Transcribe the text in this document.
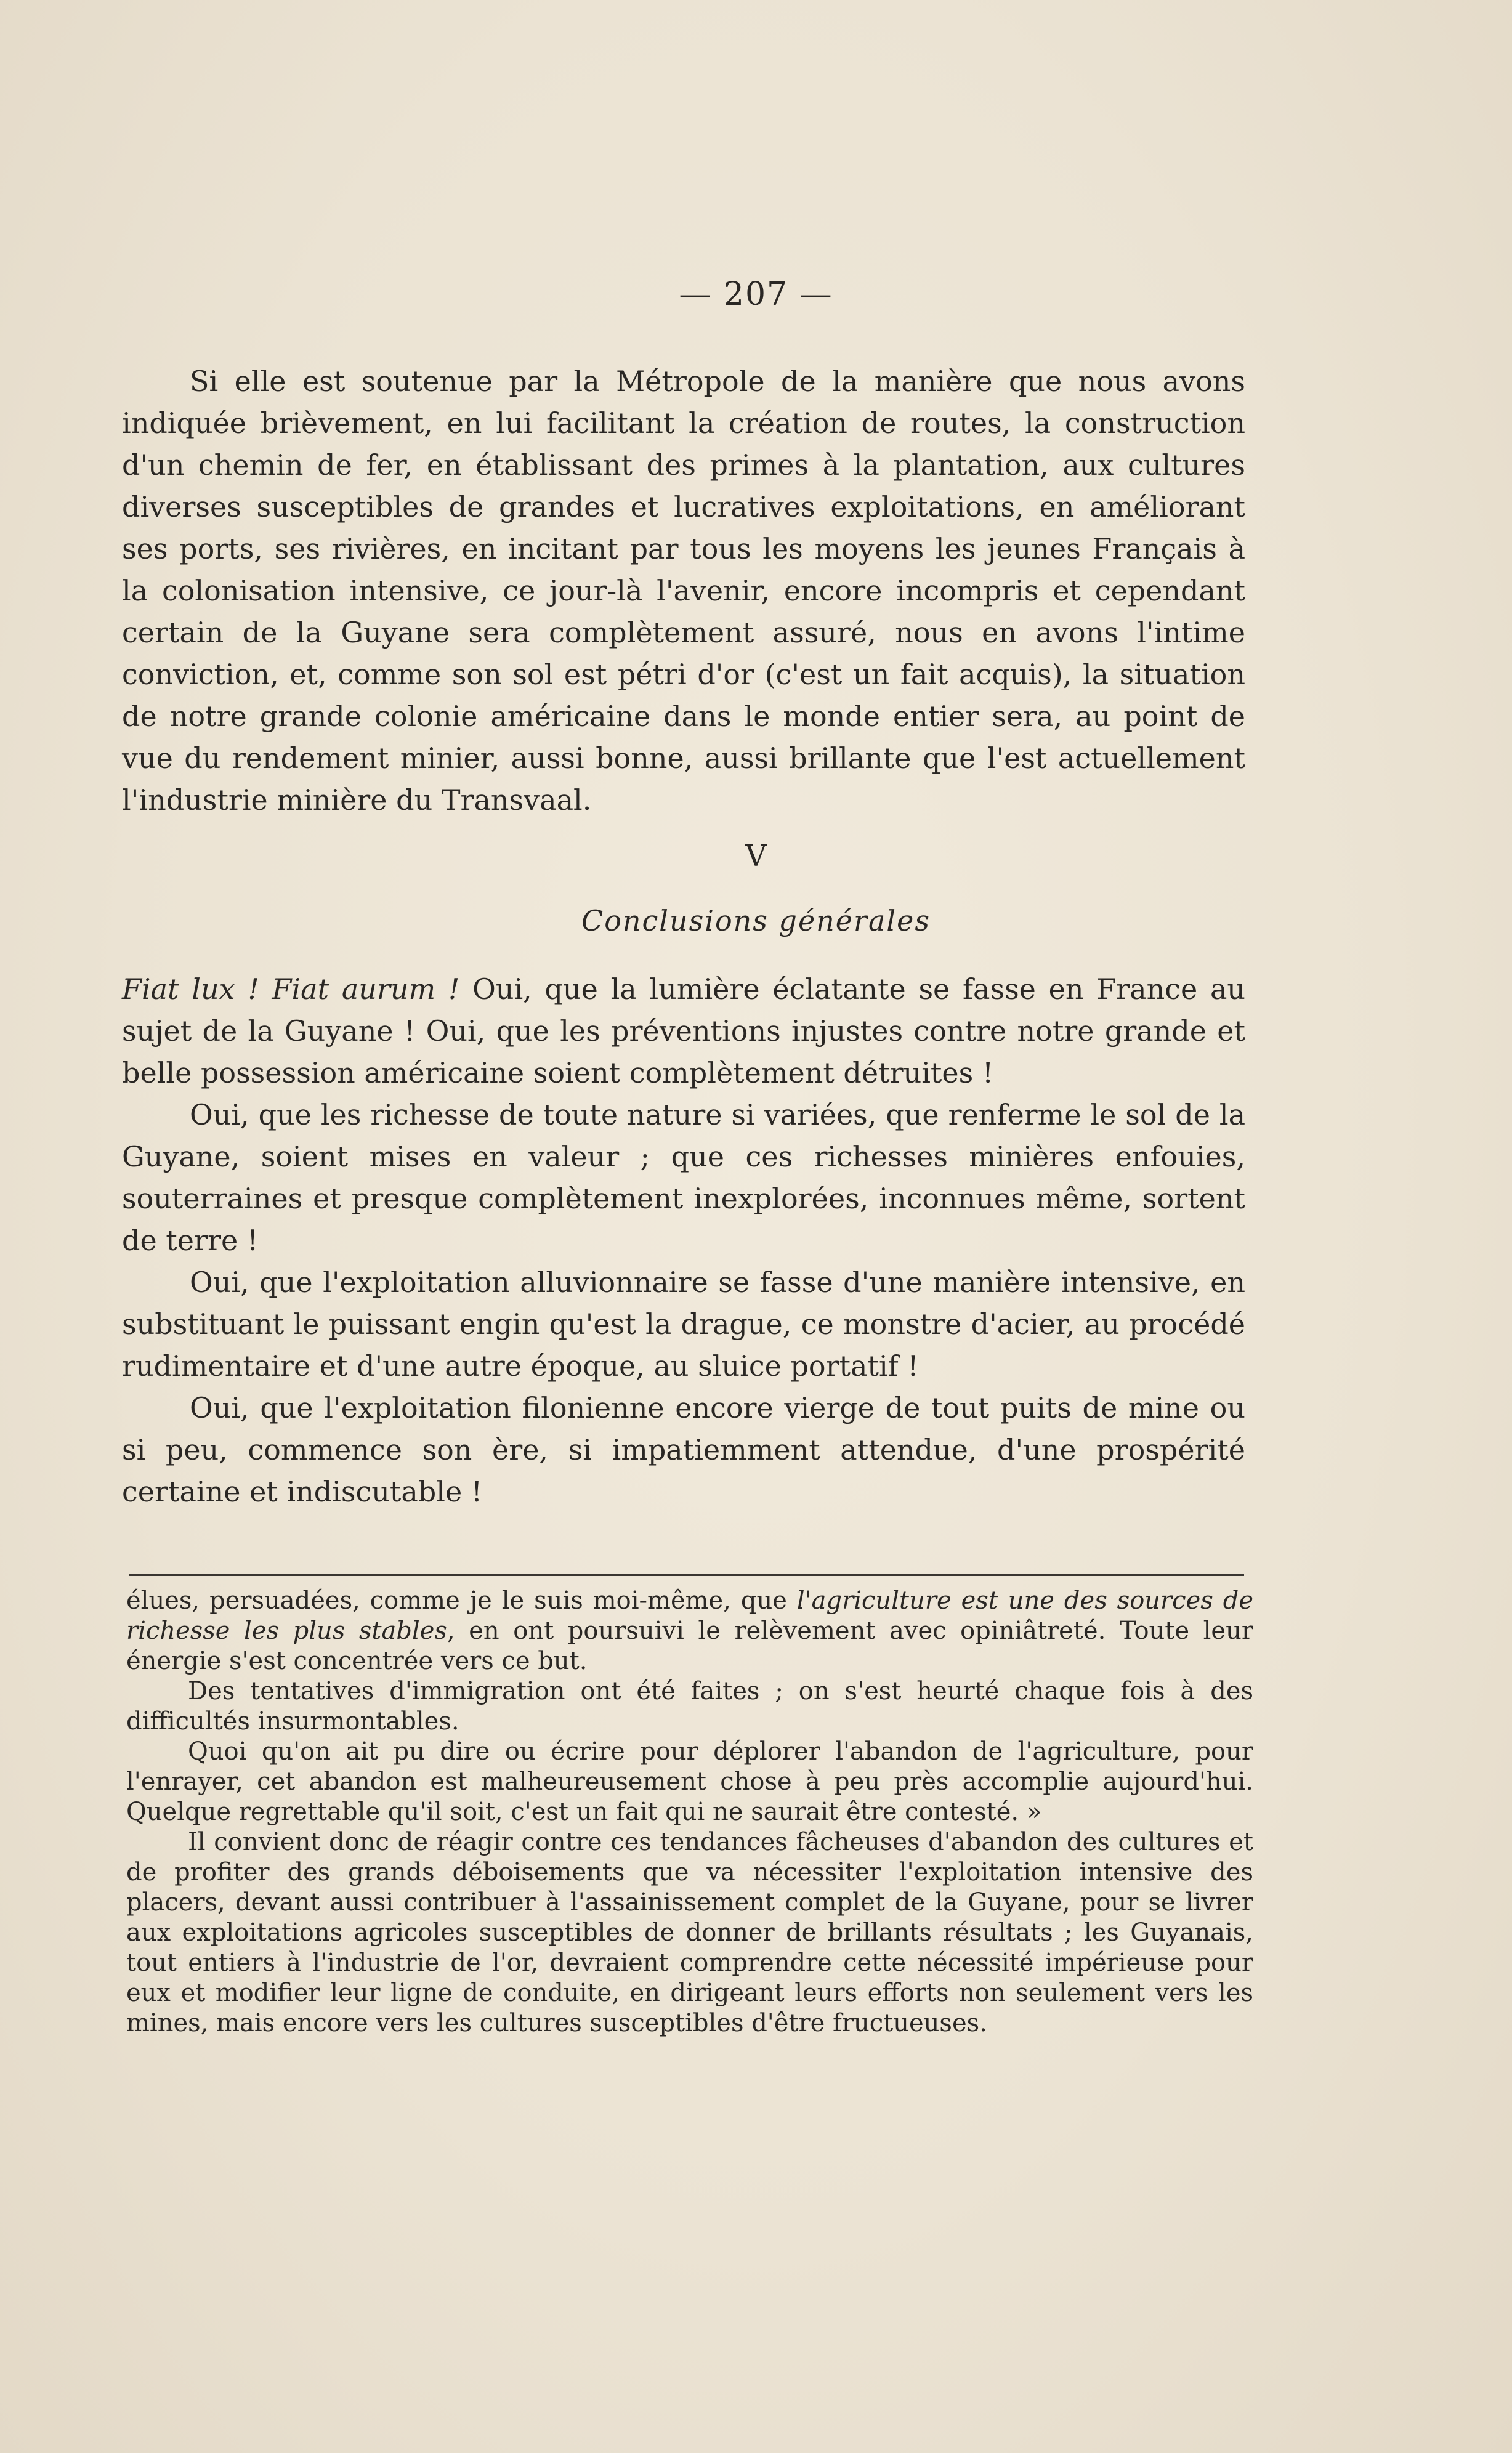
— 207 —

Si elle est soutenue par la Métropole de la manière que nous avons indiquée brièvement, en lui facilitant la création de routes, la construction d'un chemin de fer, en établissant des primes à la plantation, aux cultures diverses susceptibles de grandes et lucratives exploitations, en améliorant ses ports, ses rivières, en incitant par tous les moyens les jeunes Français à la colonisation intensive, ce jour-là l'avenir, encore incompris et cependant certain de la Guyane sera complètement assuré, nous en avons l'intime conviction, et, comme son sol est pétri d'or (c'est un fait acquis), la situation de notre grande colonie américaine dans le monde entier sera, au point de vue du rendement minier, aussi bonne, aussi brillante que l'est actuellement l'industrie minière du Transvaal.

V
Conclusions générales

Fiat lux ! Fiat aurum ! Oui, que la lumière éclatante se fasse en France au sujet de la Guyane ! Oui, que les préventions injustes contre notre grande et belle possession américaine soient complètement détruites !

Oui, que les richesse de toute nature si variées, que renferme le sol de la Guyane, soient mises en valeur ; que ces richesses minières enfouies, souterraines et presque complètement inexplorées, inconnues même, sortent de terre !

Oui, que l'exploitation alluvionnaire se fasse d'une manière intensive, en substituant le puissant engin qu'est la drague, ce monstre d'acier, au procédé rudimentaire et d'une autre époque, au sluice portatif !

Oui, que l'exploitation filonienne encore vierge de tout puits de mine ou si peu, commence son ère, si impatiemment attendue, d'une prospérité certaine et indiscutable !

élues, persuadées, comme je le suis moi-même, que l'agriculture est une des sources de richesse les plus stables, en ont poursuivi le relèvement avec opiniâtreté. Toute leur énergie s'est concentrée vers ce but.

Des tentatives d'immigration ont été faites ; on s'est heurté chaque fois à des difficultés insurmontables.

Quoi qu'on ait pu dire ou écrire pour déplorer l'abandon de l'agriculture, pour l'enrayer, cet abandon est malheureusement chose à peu près accomplie aujourd'hui. Quelque regrettable qu'il soit, c'est un fait qui ne saurait être contesté. »

Il convient donc de réagir contre ces tendances fâcheuses d'abandon des cultures et de profiter des grands déboisements que va nécessiter l'exploitation intensive des placers, devant aussi contribuer à l'assainissement complet de la Guyane, pour se livrer aux exploitations agricoles susceptibles de donner de brillants résultats ; les Guyanais, tout entiers à l'industrie de l'or, devraient comprendre cette nécessité impérieuse pour eux et modifier leur ligne de conduite, en dirigeant leurs efforts non seulement vers les mines, mais encore vers les cultures susceptibles d'être fructueuses.
